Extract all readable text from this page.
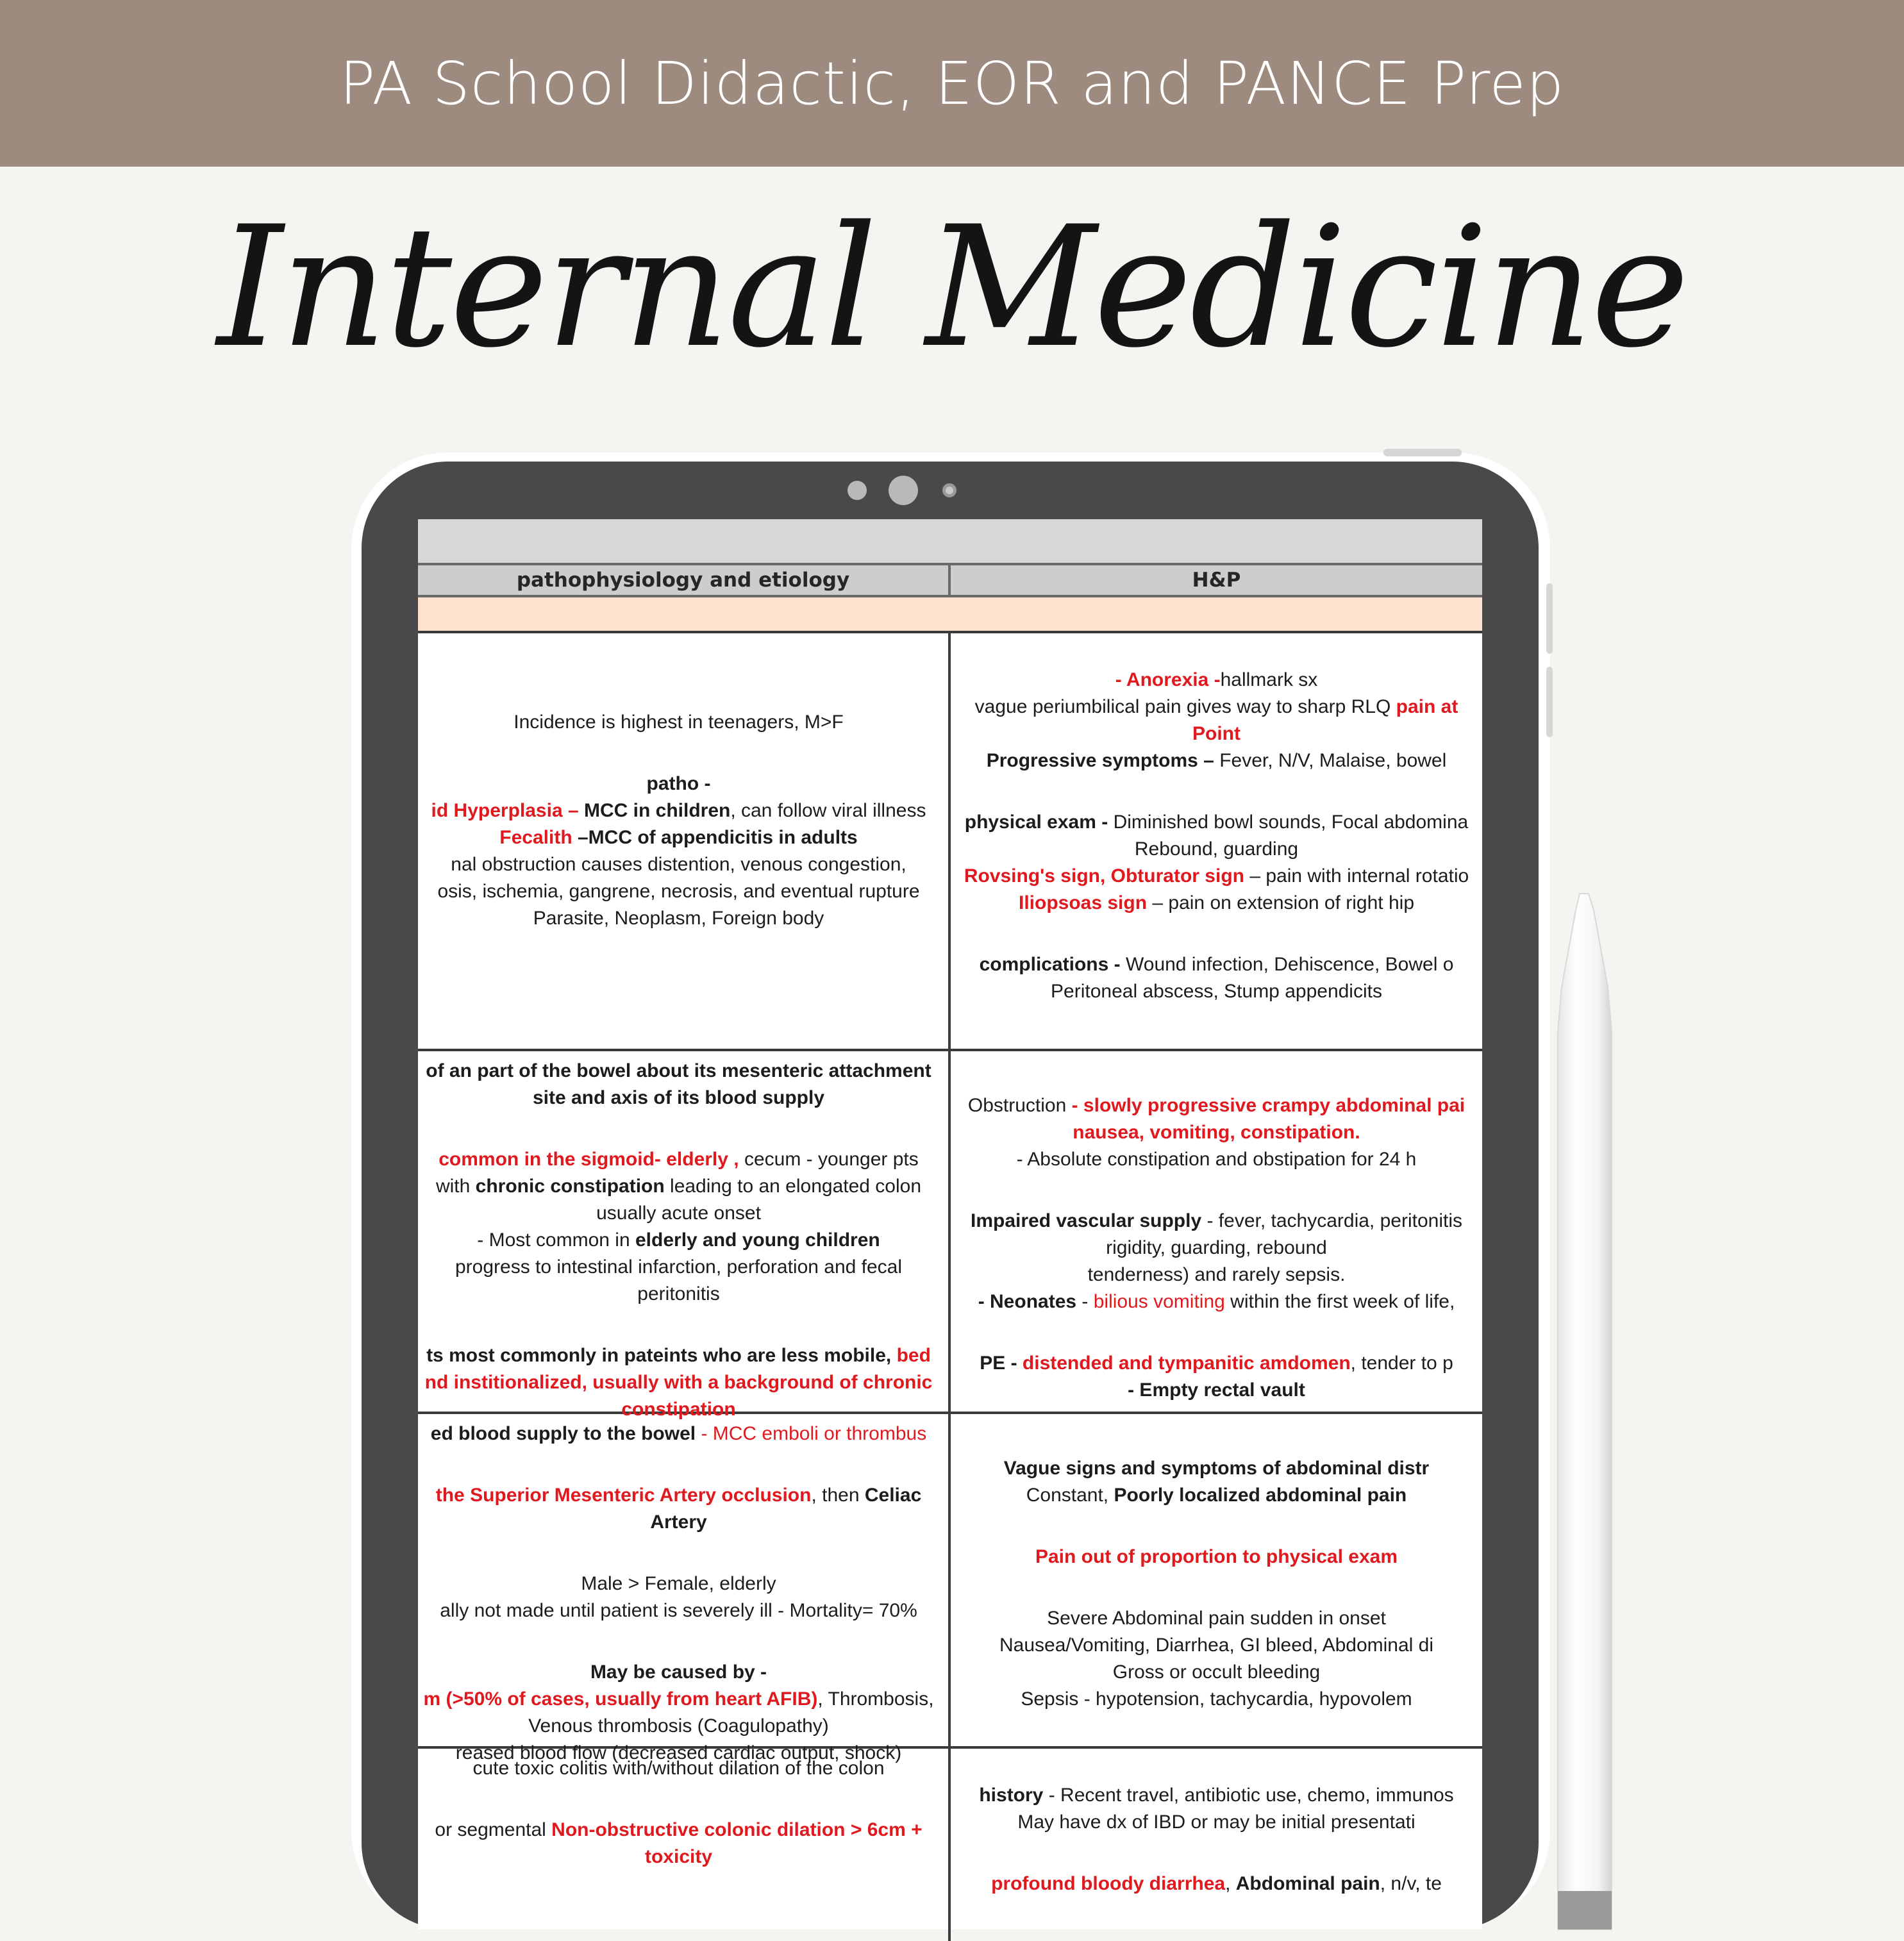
PA School Didactic, EOR and PANCE Prep
Internal Medicine
pathophysiology and etiology	H&P

Incidence is highest in teenagers, M>F

patho -
id Hyperplasia – MCC in children, can follow viral illness
Fecalith –MCC of appendicitis in adults
nal obstruction causes distention, venous congestion,
osis, ischemia, gangrene, necrosis, and eventual rupture
Parasite, Neoplasm, Foreign body
- Anorexia -hallmark sx
vague periumbilical pain gives way to sharp RLQ pain at
Point
Progressive symptoms – Fever, N/V, Malaise, bowel

physical exam - Diminished bowl sounds, Focal abdomina
Rebound, guarding
Rovsing's sign, Obturator sign – pain with internal rotatio
Iliopsoas sign – pain on extension of right hip

complications - Wound infection, Dehiscence, Bowel o
Peritoneal abscess, Stump appendicits
of an part of the bowel about its mesenteric attachment
site and axis of its blood supply

common in the sigmoid- elderly , cecum - younger pts
with chronic constipation leading to an elongated colon
usually acute onset
- Most common in elderly and young children
progress to intestinal infarction, perforation and fecal
peritonitis

ts most commonly in pateints who are less mobile, bed
nd institionalized, usually with a background of chronic
constipation

Obstruction - slowly progressive crampy abdominal pai
nausea, vomiting, constipation.
- Absolute constipation and obstipation for 24 h

Impaired vascular supply - fever, tachycardia, peritonitis
rigidity, guarding, rebound
tenderness) and rarely sepsis.
- Neonates - bilious vomiting within the first week of life,

PE - distended and tympanitic amdomen, tender to p
- Empty rectal vault
ed blood supply to the bowel - MCC emboli or thrombus

the Superior Mesenteric Artery occlusion, then Celiac
Artery

Male > Female, elderly
ally not made until patient is severely ill - Mortality= 70%

May be caused by -
m (>50% of cases, usually from heart AFIB), Thrombosis,
Venous thrombosis (Coagulopathy)
reased blood flow (decreased cardiac output, shock)

Vague signs and symptoms of abdominal distr
Constant, Poorly localized abdominal pain

Pain out of proportion to physical exam

Severe Abdominal pain sudden in onset
Nausea/Vomiting, Diarrhea, GI bleed, Abdominal di
Gross or occult bleeding
Sepsis - hypotension, tachycardia, hypovolem
cute toxic colitis with/without dilation of the colon

or segmental Non-obstructive colonic dilation > 6cm +
toxicity
history - Recent travel, antibiotic use, chemo, immunos
May have dx of IBD or may be initial presentati

profound bloody diarrhea, Abdominal pain, n/v, te
